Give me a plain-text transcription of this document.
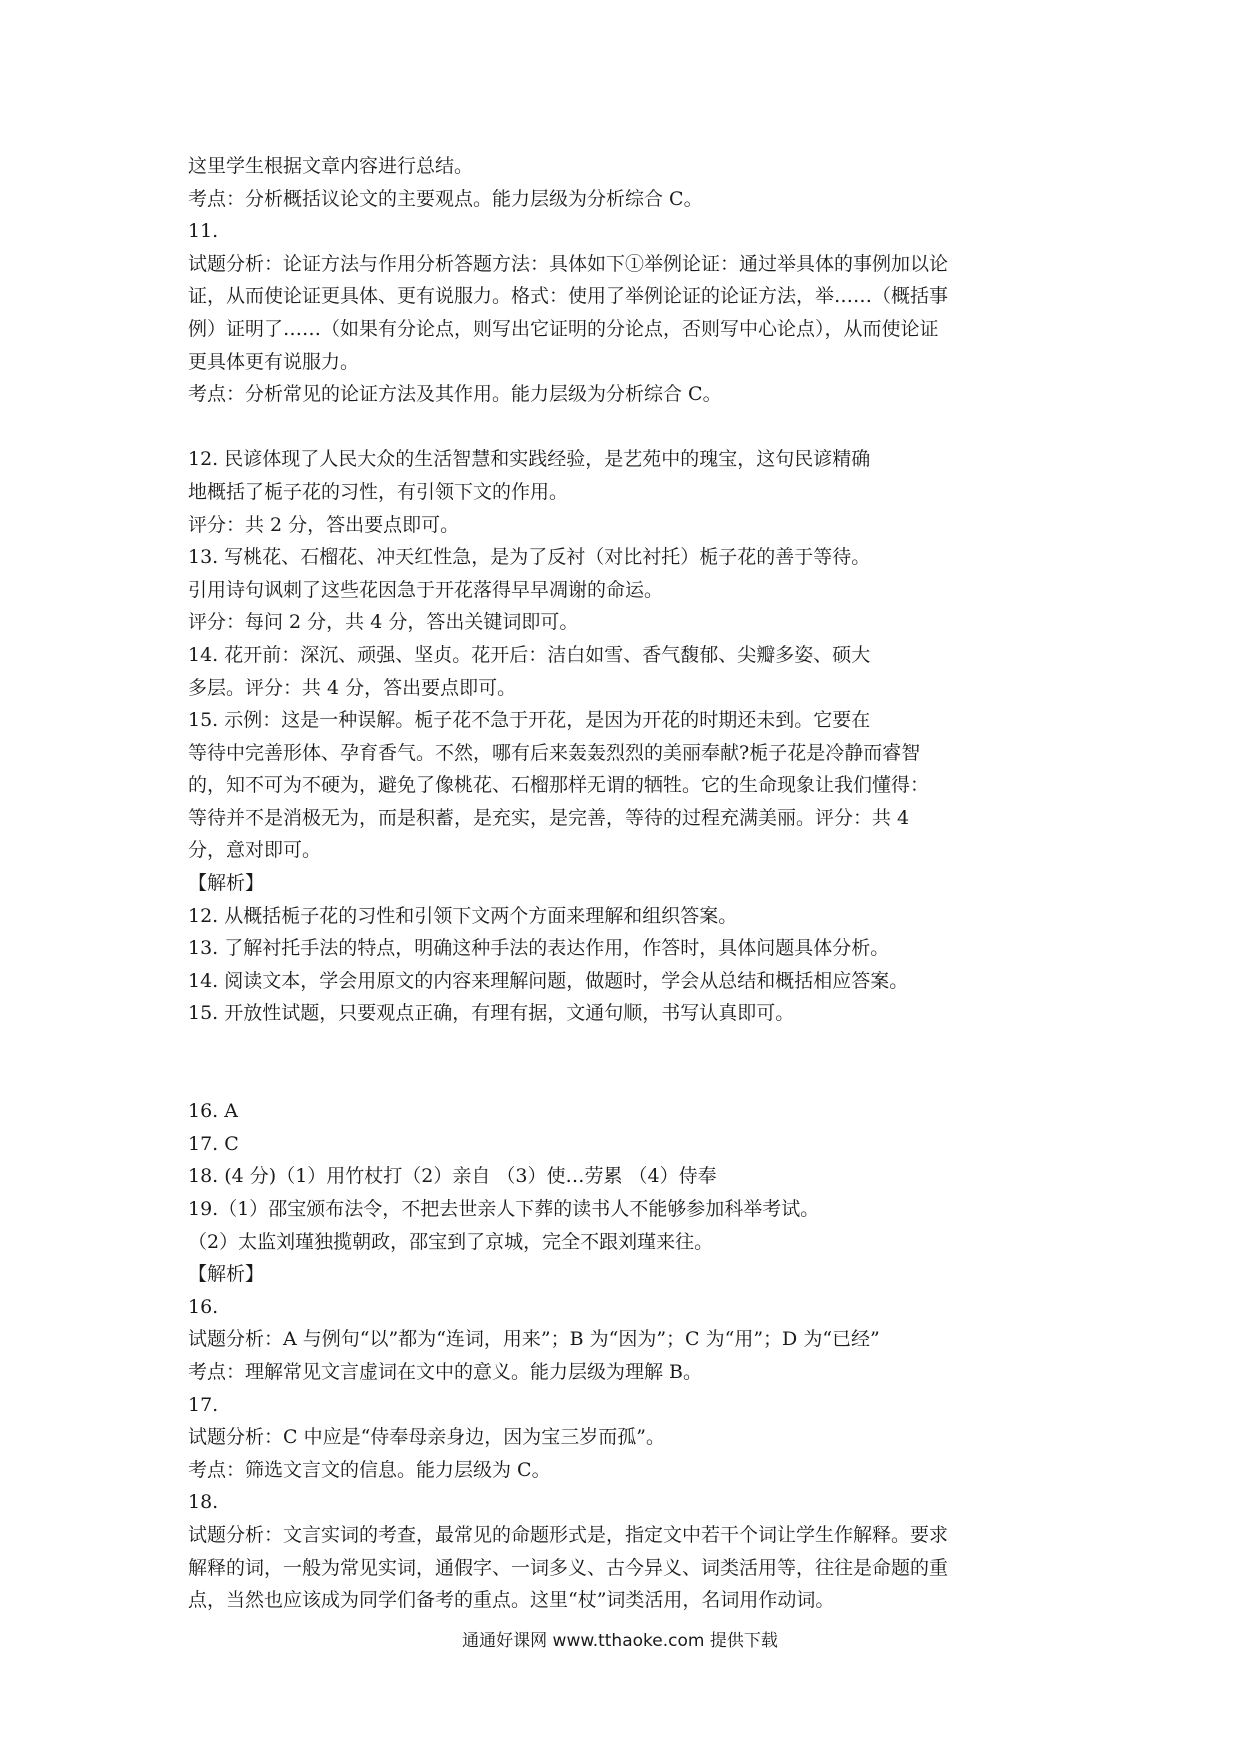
这里学生根据文章内容进行总结。
考点：分析概括议论文的主要观点。能力层级为分析综合 C。
11.
试题分析：论证方法与作用分析答题方法：具体如下①举例论证：通过举具体的事例加以论
证，从而使论证更具体、更有说服力。格式：使用了举例论证的论证方法，举……（概括事
例）证明了……（如果有分论点，则写出它证明的分论点，否则写中心论点），从而使论证
更具体更有说服力。
考点：分析常见的论证方法及其作用。能力层级为分析综合 C。
12. 民谚体现了人民大众的生活智慧和实践经验，是艺苑中的瑰宝，这句民谚精确
地概括了栀子花的习性，有引领下文的作用。
评分：共 2 分，答出要点即可。
13. 写桃花、石榴花、冲天红性急，是为了反衬（对比衬托）栀子花的善于等待。
引用诗句讽刺了这些花因急于开花落得早早凋谢的命运。
评分：每问 2 分，共 4 分，答出关键词即可。
14. 花开前：深沉、顽强、坚贞。花开后：洁白如雪、香气馥郁、尖瓣多姿、硕大
多层。评分：共 4 分，答出要点即可。
15. 示例：这是一种误解。栀子花不急于开花，是因为开花的时期还未到。它要在
等待中完善形体、孕育香气。不然，哪有后来轰轰烈烈的美丽奉献?栀子花是冷静而睿智
的，知不可为不硬为，避免了像桃花、石榴那样无谓的牺牲。它的生命现象让我们懂得：
等待并不是消极无为，而是积蓄，是充实，是完善，等待的过程充满美丽。评分：共 4
分，意对即可。
【解析】
12. 从概括栀子花的习性和引领下文两个方面来理解和组织答案。
13. 了解衬托手法的特点，明确这种手法的表达作用，作答时，具体问题具体分析。
14. 阅读文本，学会用原文的内容来理解问题，做题时，学会从总结和概括相应答案。
15. 开放性试题，只要观点正确，有理有据，文通句顺，书写认真即可。
16. A
17. C
18. (4 分)（1）用竹杖打（2）亲自 （3）使…劳累 （4）侍奉
19.（1）邵宝颁布法令，不把去世亲人下葬的读书人不能够参加科举考试。
（2）太监刘瑾独揽朝政，邵宝到了京城，完全不跟刘瑾来往。
【解析】
16.
试题分析：A 与例句“以”都为“连词，用来”；B 为“因为”；C 为“用”；D 为“已经”
考点：理解常见文言虚词在文中的意义。能力层级为理解 B。
17.
试题分析：C 中应是“侍奉母亲身边，因为宝三岁而孤”。
考点：筛选文言文的信息。能力层级为 C。
18.
试题分析：文言实词的考查，最常见的命题形式是，指定文中若干个词让学生作解释。要求
解释的词，一般为常见实词，通假字、一词多义、古今异义、词类活用等，往往是命题的重
点，当然也应该成为同学们备考的重点。这里“杖”词类活用，名词用作动词。
通通好课网 www.tthaoke.com 提供下载
